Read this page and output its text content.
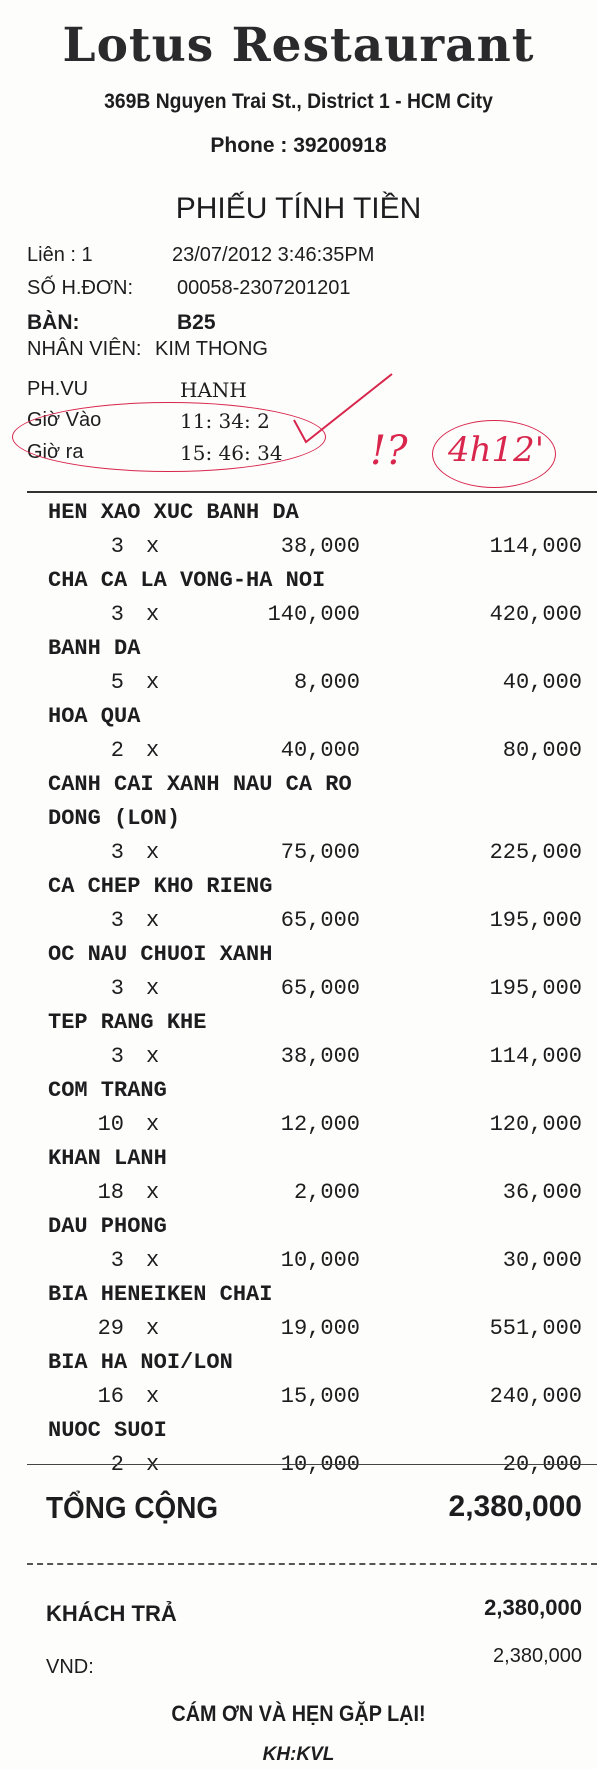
Lotus Restaurant
369B Nguyen Trai St., District 1 - HCM City
Phone : 39200918
PHIẾU TÍNH TIỀN
Liên : 1	23/07/2012 3:46:35PM
SỐ H.ĐƠN: 00058-2307201201
BÀN:	B25
NHÂN VIÊN: KIM THONG
PH.VU	HANH
Giờ Vào	11: 34: 2
Giờ ra	15: 46: 34 !? 4h12'
HEN XAO XUC BANH DA
3 x	38,000	114,000
CHA CA LA VONG-HA NOI
3 x	140,000	420,000
BANH DA
5 x	8,000	40,000
HOA QUA
2 x	40,000	80,000
CANH CAI XANH NAU CA RO
DONG (LON)
3 x	75,000	225,000
CA CHEP KHO RIENG
3 x	65,000	195,000
OC NAU CHUOI XANH
3 x	65,000	195,000
TEP RANG KHE
3 x	38,000	114,000
COM TRANG
10 x	12,000	120,000
KHAN LANH
18 x	2,000	36,000
DAU PHONG
3 x	10,000	30,000
BIA HENEIKEN CHAI
29 x	19,000	551,000
BIA HA NOI/LON
16 x	15,000	240,000
NUOC SUOI
2 x	10,000	20,000
TỔNG CỘNG	2,380,000
KHÁCH TRẢ	2,380,000
VND:	2,380,000
CÁM ƠN VÀ HẸN GẶP LẠI!
KH:KVL
